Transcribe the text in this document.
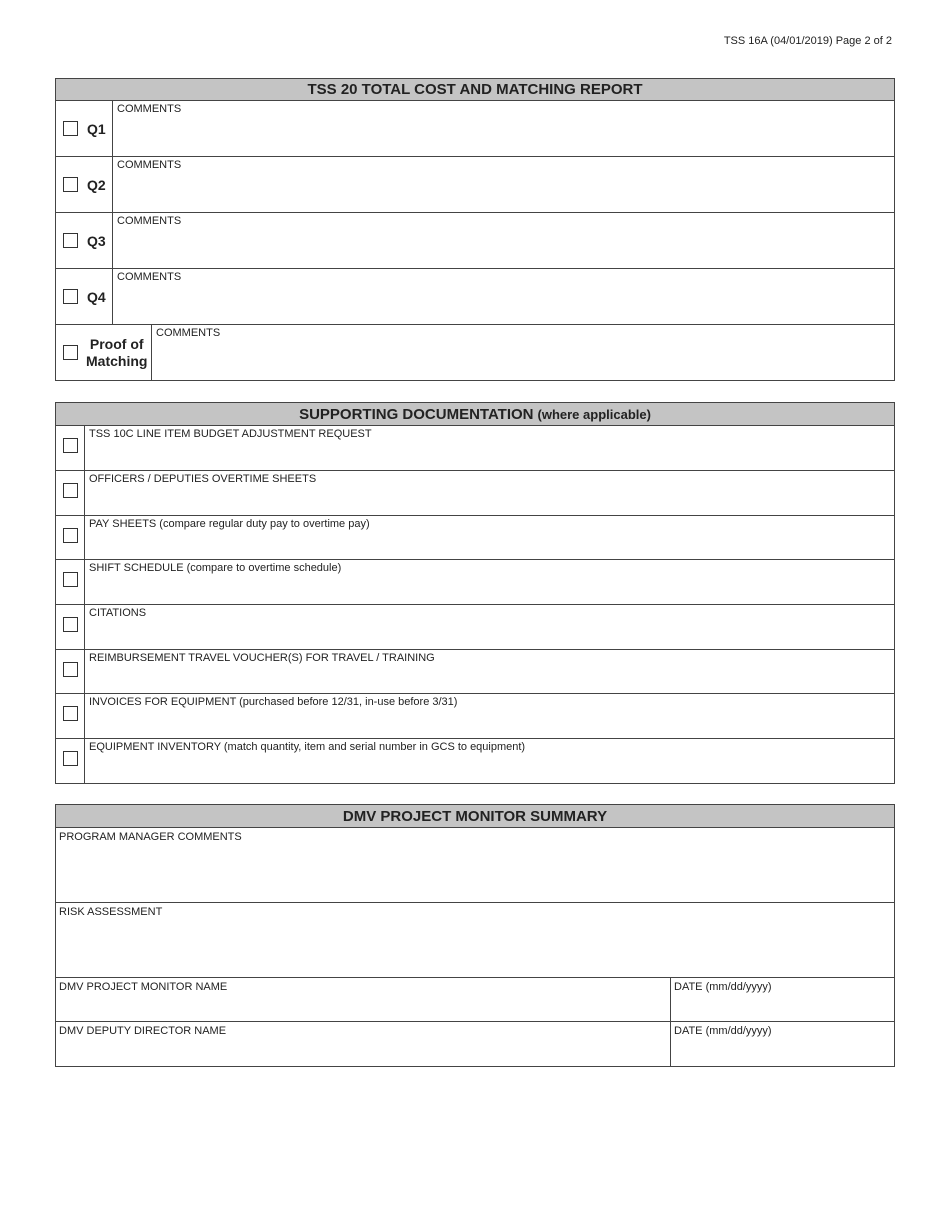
TSS 16A (04/01/2019) Page 2 of 2
TSS 20 TOTAL COST AND MATCHING REPORT
Q1
COMMENTS
Q2
COMMENTS
Q3
COMMENTS
Q4
COMMENTS
Proof of
Matching
COMMENTS
SUPPORTING DOCUMENTATION (where applicable)
TSS 10C LINE ITEM BUDGET ADJUSTMENT REQUEST
OFFICERS / DEPUTIES OVERTIME SHEETS
PAY SHEETS (compare regular duty pay to overtime pay)
SHIFT SCHEDULE (compare to overtime schedule)
CITATIONS
REIMBURSEMENT TRAVEL VOUCHER(S) FOR TRAVEL / TRAINING
INVOICES FOR EQUIPMENT (purchased before 12/31, in-use before 3/31)
EQUIPMENT INVENTORY (match quantity, item and serial number in GCS to equipment)
DMV PROJECT MONITOR SUMMARY
PROGRAM MANAGER COMMENTS
RISK ASSESSMENT
DMV PROJECT MONITOR NAME	DATE (mm/dd/yyyy)
DMV DEPUTY DIRECTOR NAME	DATE (mm/dd/yyyy)
